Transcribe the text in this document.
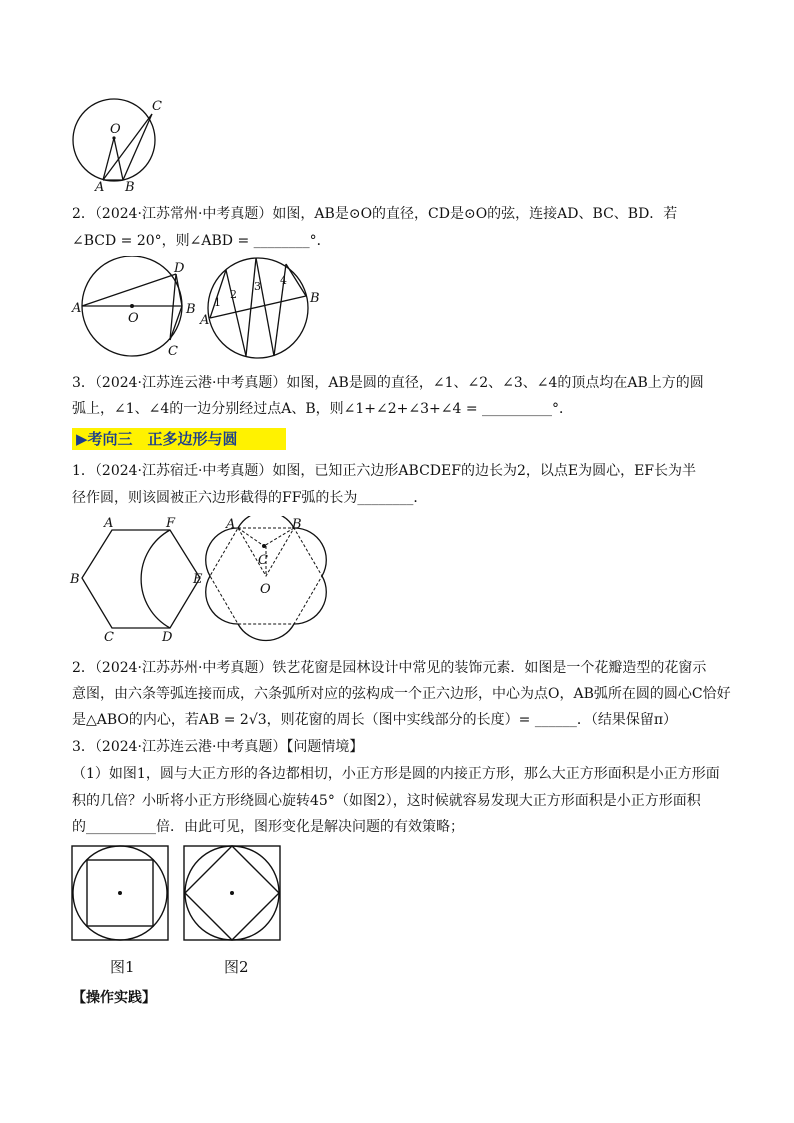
O
C
A B
2．（2024·江苏常州·中考真题）如图，AB是⊙O的直径，CD是⊙O的弦，连接AD、BC、BD．若
∠BCD = 20°，则∠ABD = ________°．
A
D
O
B
C
1
2
3 4
A
B
3．（2024·江苏连云港·中考真题）如图，AB是圆的直径，∠1、∠2、∠3、∠4的顶点均在AB上方的圆
弧上，∠1、∠4的一边分别经过点A、B，则∠1+∠2+∠3+∠4 = __________°．
▶考向三　正多边形与圆
1．（2024·江苏宿迁·中考真题）如图，已知正六边形ABCDEF的边长为2，以点E为圆心，EF长为半
径作圆，则该圆被正六边形截得的FF弧的长为________．
A	F
B	E
C	D
A	B
C
O
2．（2024·江苏苏州·中考真题）铁艺花窗是园林设计中常见的装饰元素．如图是一个花瓣造型的花窗示
意图，由六条等弧连接而成，六条弧所对应的弦构成一个正六边形，中心为点O，AB弧所在圆的圆心C恰好
是△ABO的内心，若AB = 2√3，则花窗的周长（图中实线部分的长度）= ______．（结果保留π）
3．（2024·江苏连云港·中考真题）【问题情境】
（1）如图1，圆与大正方形的各边都相切，小正方形是圆的内接正方形，那么大正方形面积是小正方形面
积的几倍？小昕将小正方形绕圆心旋转45°（如图2），这时候就容易发现大正方形面积是小正方形面积
的__________倍．由此可见，图形变化是解决问题的有效策略；
图1	图2
【操作实践】
